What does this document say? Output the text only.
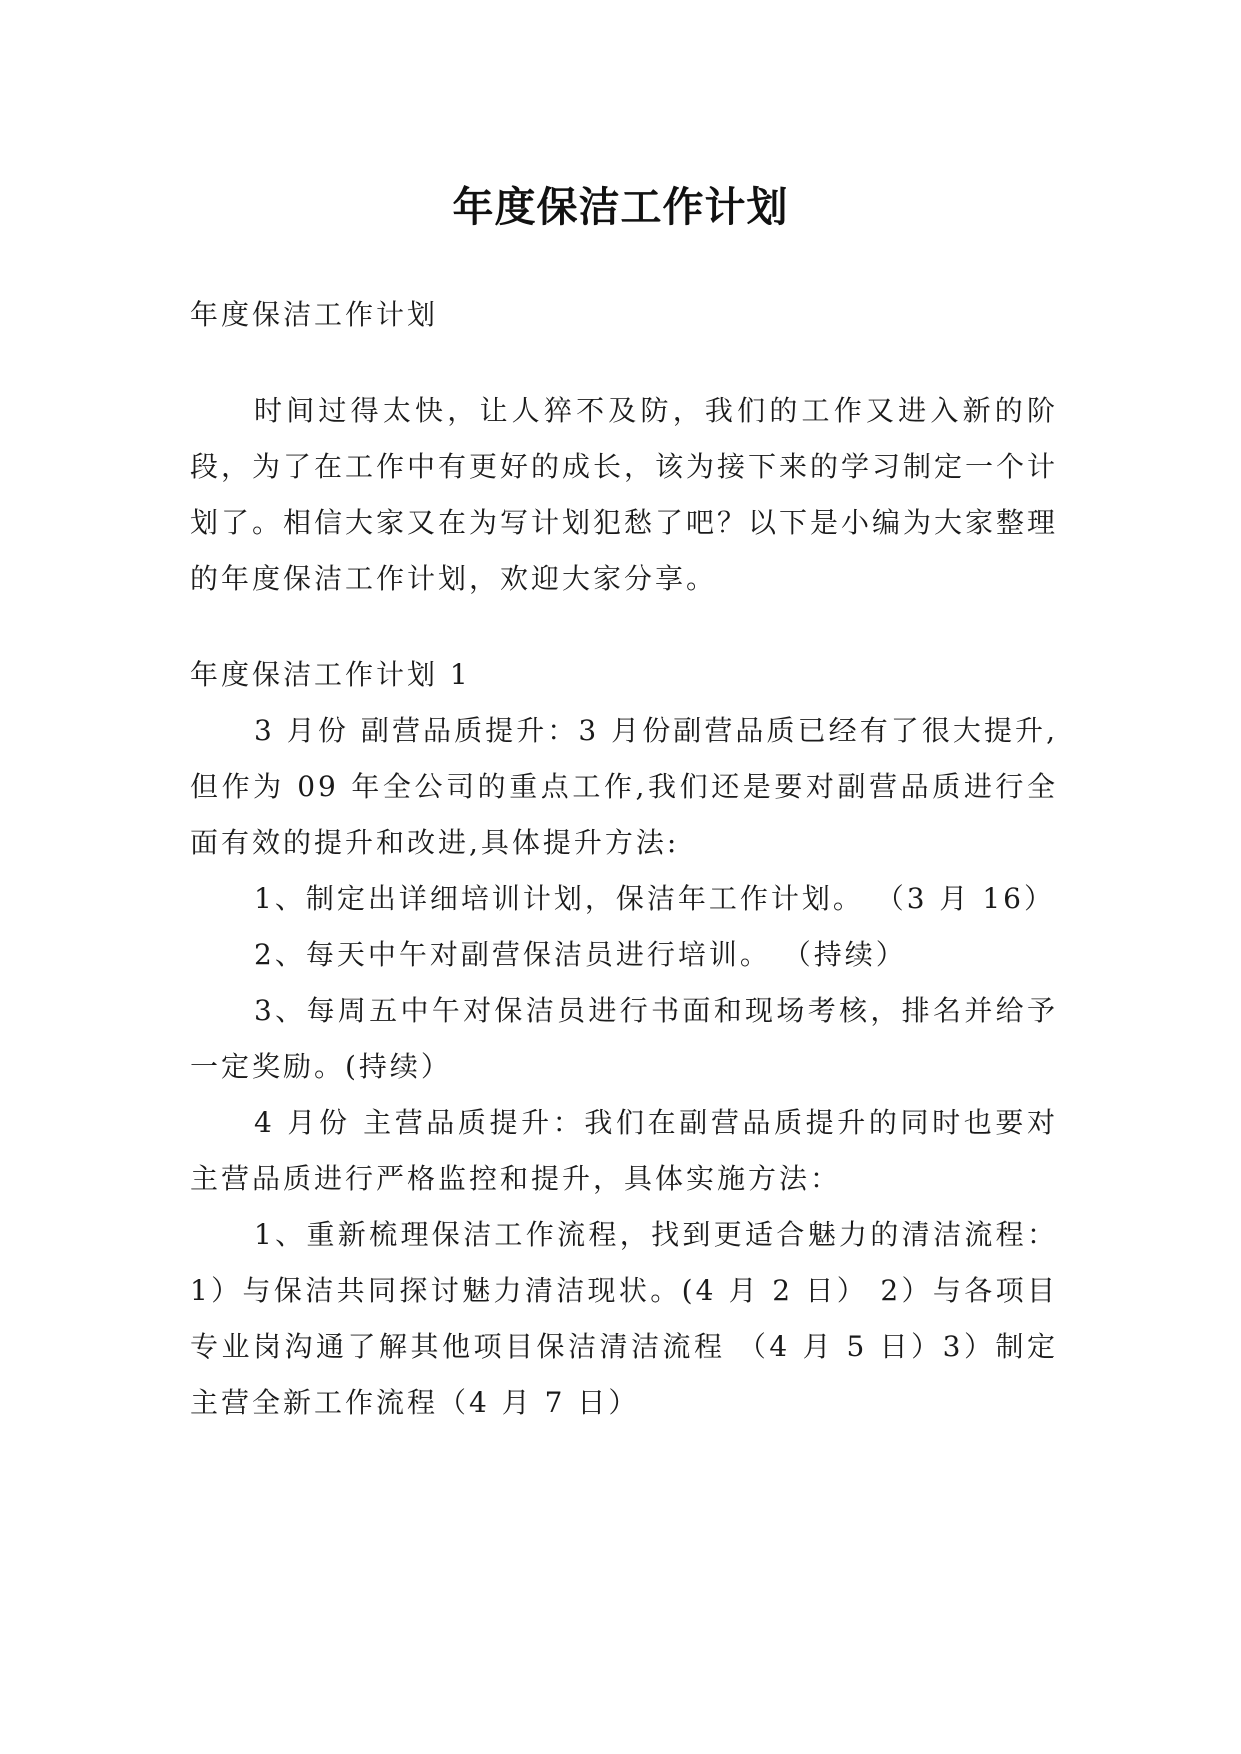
年度保洁工作计划

年度保洁工作计划

时间过得太快，让人猝不及防，我们的工作又进入新的阶段，为了在工作中有更好的成长，该为接下来的学习制定一个计划了。相信大家又在为写计划犯愁了吧？以下是小编为大家整理的年度保洁工作计划，欢迎大家分享。

年度保洁工作计划 1

3 月份 副营品质提升：3 月份副营品质已经有了很大提升,但作为 09 年全公司的重点工作,我们还是要对副营品质进行全面有效的提升和改进,具体提升方法:

1、制定出详细培训计划，保洁年工作计划。 （3 月 16）

2、每天中午对副营保洁员进行培训。 （持续）

3、每周五中午对保洁员进行书面和现场考核，排名并给予一定奖励。(持续）

4 月份 主营品质提升：我们在副营品质提升的同时也要对主营品质进行严格监控和提升，具体实施方法：

1、重新梳理保洁工作流程，找到更适合魅力的清洁流程： 1）与保洁共同探讨魅力清洁现状。(4 月 2 日） 2）与各项目专业岗沟通了解其他项目保洁清洁流程 （4 月 5 日）3）制定主营全新工作流程（4 月 7 日）
